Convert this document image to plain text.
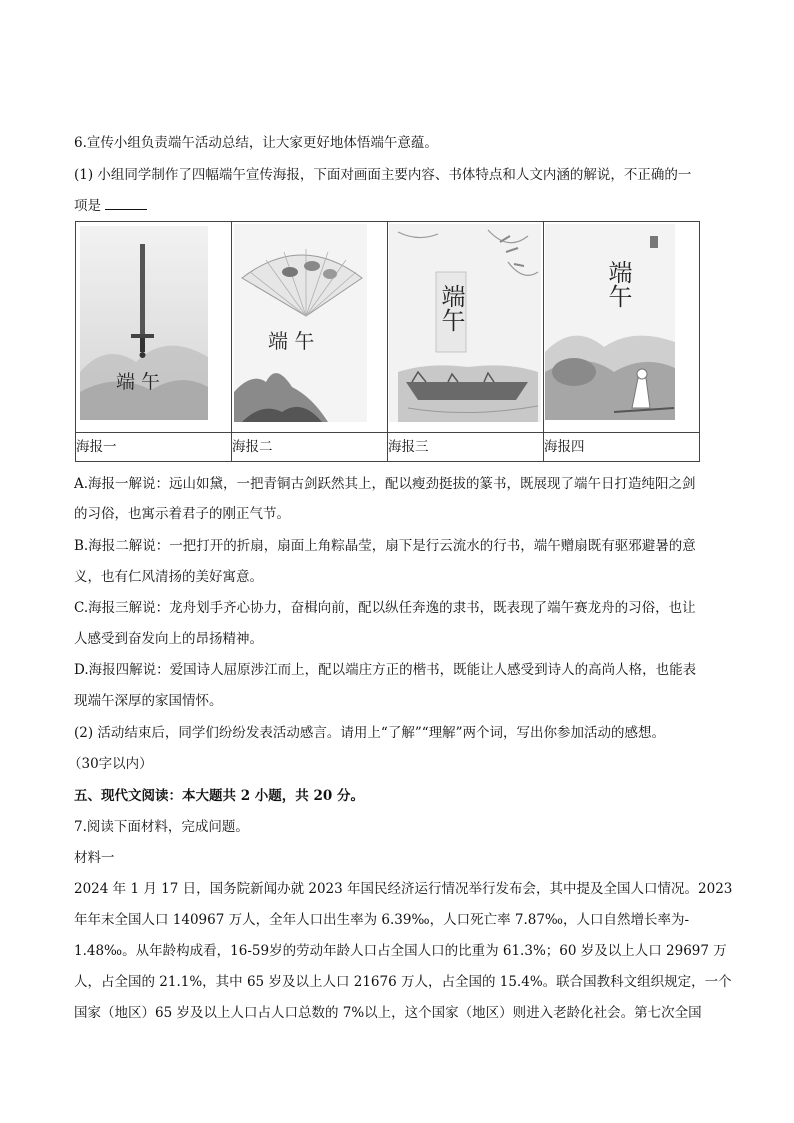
6.宣传小组负责端午活动总结，让大家更好地体悟端午意蕴。
(1) 小组同学制作了四幅端午宣传海报，下面对画面主要内容、书体特点和人文内涵的解说，不正确的一
项是
端 午	端 午	端午	端午

海报一	海报二	海报三	海报四
A.海报一解说：远山如黛，一把青铜古剑跃然其上，配以瘦劲挺拔的篆书，既展现了端午日打造纯阳之剑
的习俗，也寓示着君子的刚正气节。
B.海报二解说：一把打开的折扇，扇面上角粽晶莹，扇下是行云流水的行书，端午赠扇既有驱邪避暑的意
义，也有仁风清扬的美好寓意。
C.海报三解说：龙舟划手齐心协力，奋楫向前，配以纵任奔逸的隶书，既表现了端午赛龙舟的习俗，也让
人感受到奋发向上的昂扬精神。
D.海报四解说：爱国诗人屈原涉江而上，配以端庄方正的楷书，既能让人感受到诗人的高尚人格，也能表
现端午深厚的家国情怀。
(2) 活动结束后，同学们纷纷发表活动感言。请用上“了解”“理解”两个词，写出你参加活动的感想。
（30字以内）
五、现代文阅读：本大题共 2 小题，共 20 分。
7.阅读下面材料，完成问题。
材料一
2024 年 1 月 17 日，国务院新闻办就 2023 年国民经济运行情况举行发布会，其中提及全国人口情况。2023
年年末全国人口 140967 万人，全年人口出生率为 6.39‰，人口死亡率 7.87‰，人口自然增长率为-
1.48‰。从年龄构成看，16-59岁的劳动年龄人口占全国人口的比重为 61.3%；60 岁及以上人口 29697 万
人，占全国的 21.1%，其中 65 岁及以上人口 21676 万人，占全国的 15.4%。联合国教科文组织规定，一个
国家（地区）65 岁及以上人口占人口总数的 7%以上，这个国家（地区）则进入老龄化社会。第七次全国
